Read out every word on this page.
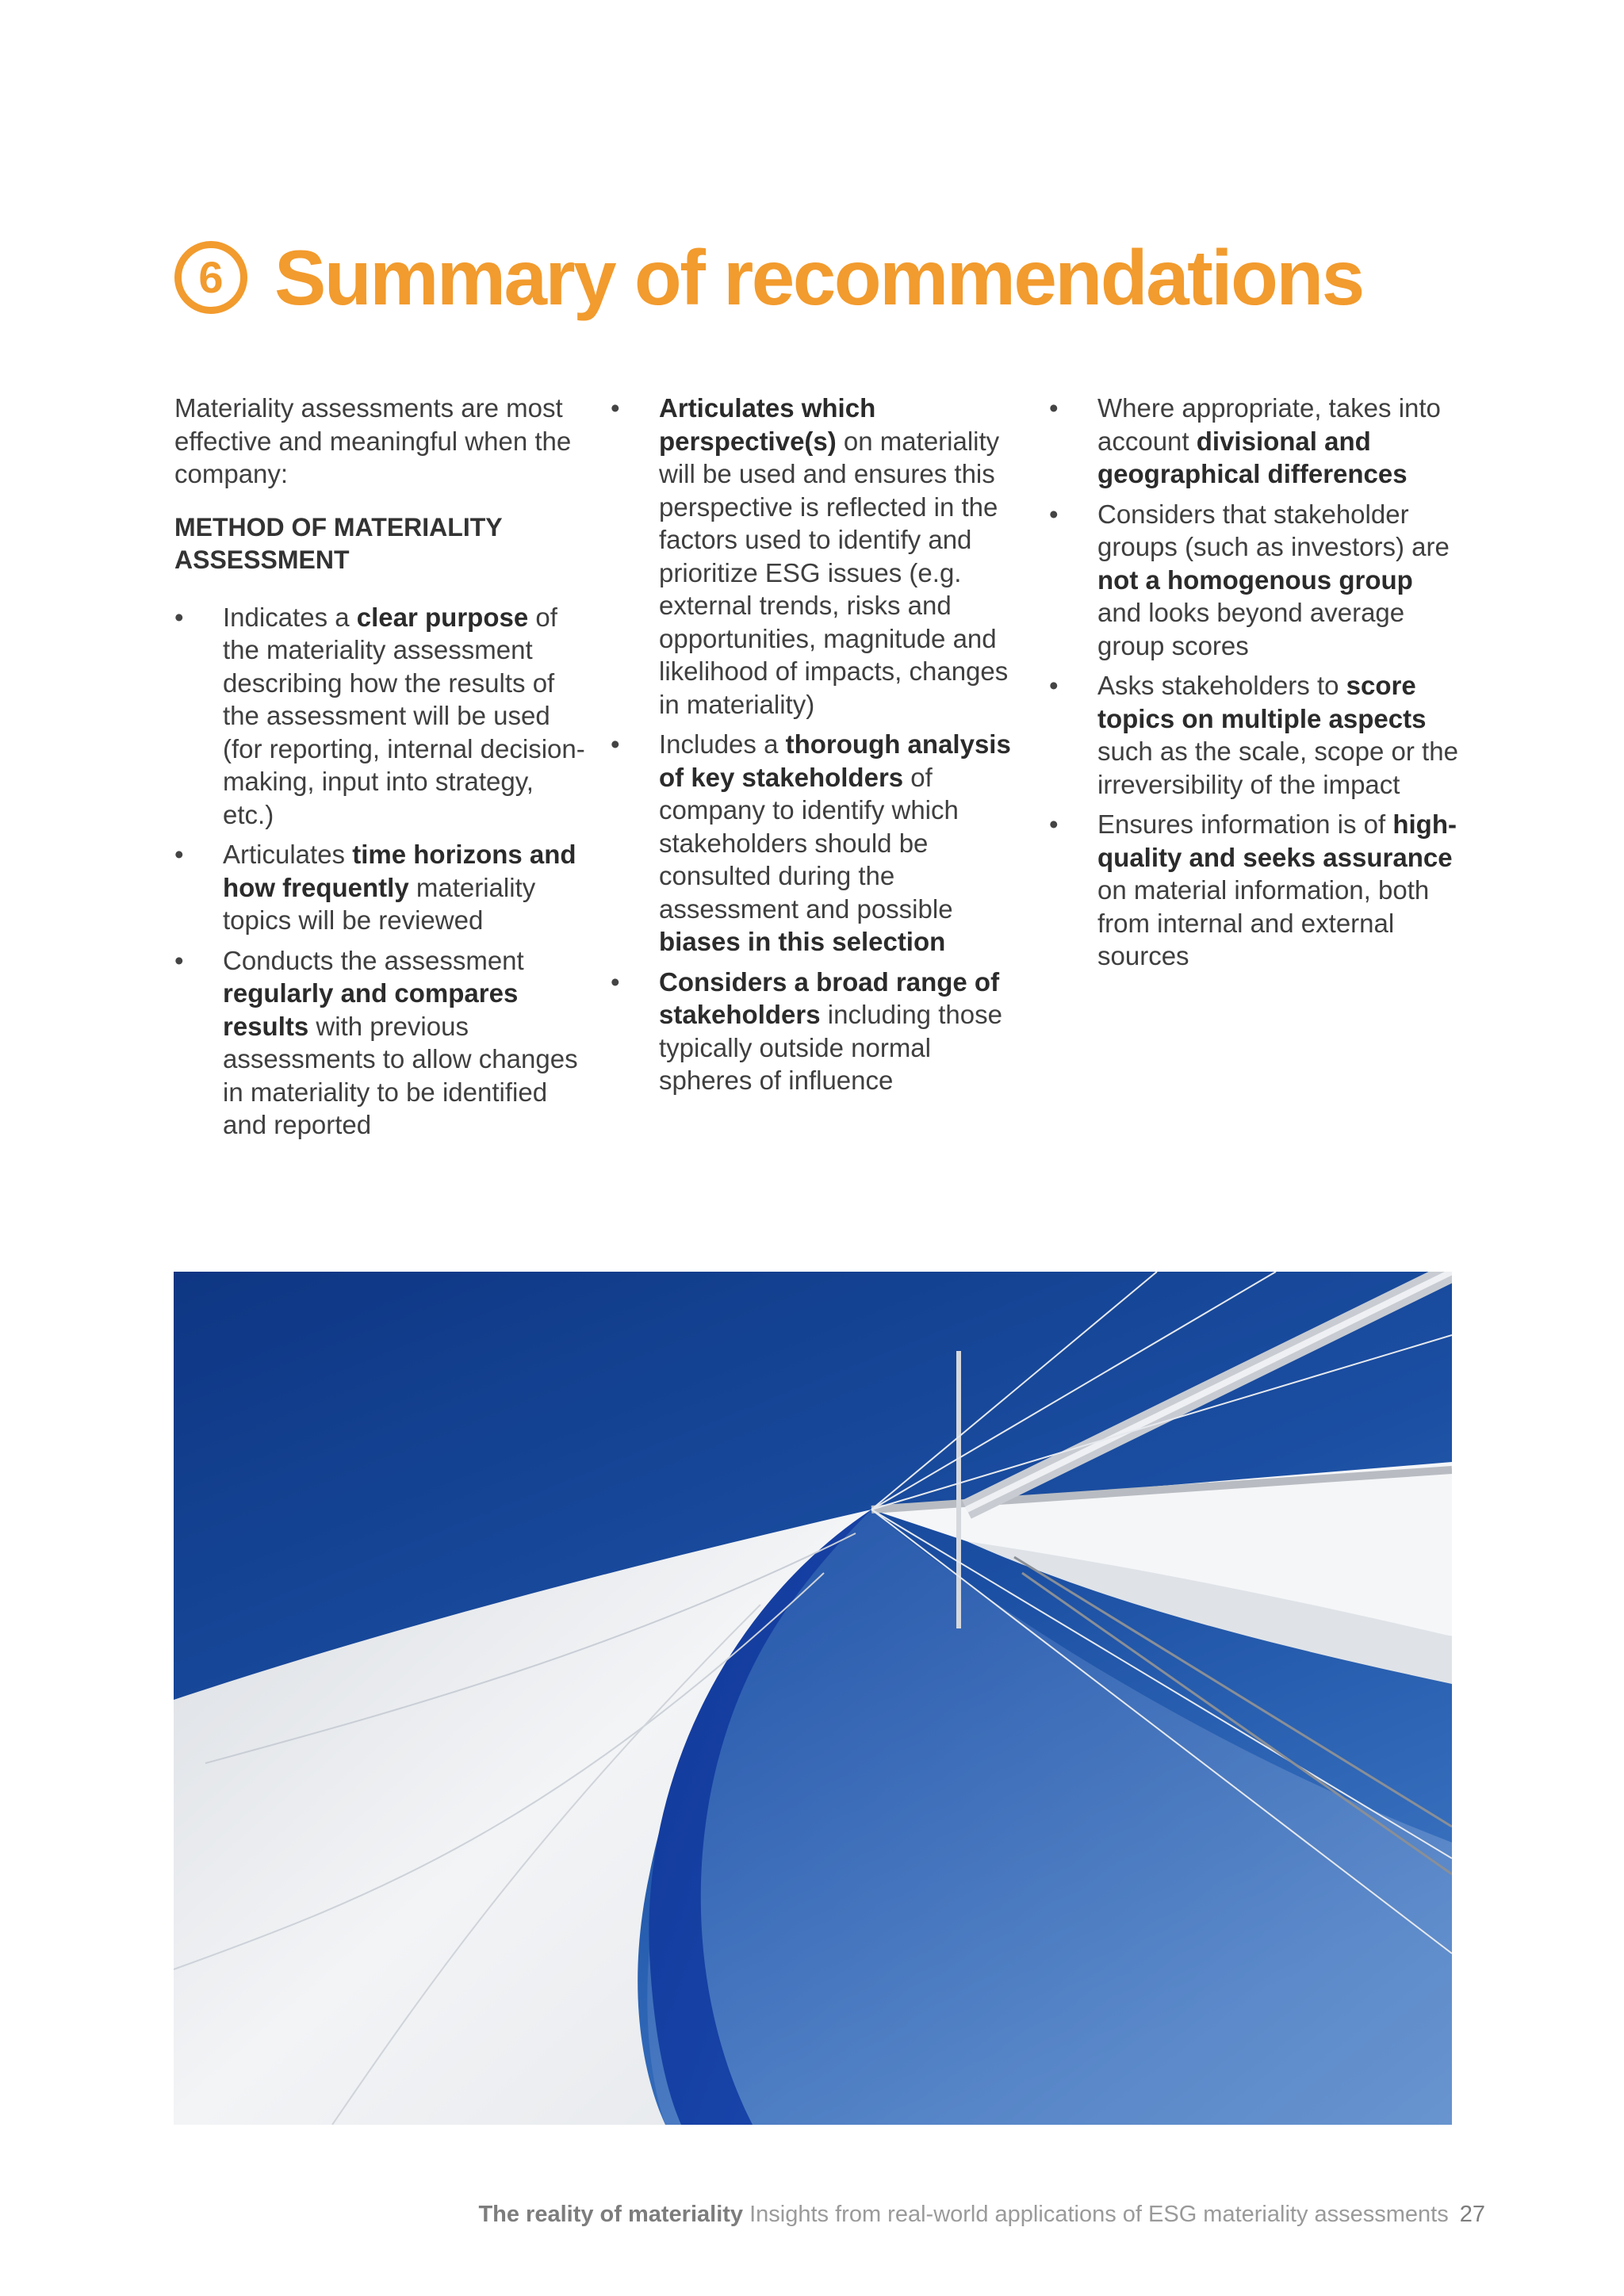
6 Summary of recommendations

Materiality assessments are most effective and meaningful when the company:

METHOD OF MATERIALITY ASSESSMENT

• Indicates a clear purpose of the materiality assessment describing how the results of the assessment will be used (for reporting, internal decision-making, input into strategy, etc.)
• Articulates time horizons and how frequently materiality topics will be reviewed
• Conducts the assessment regularly and compares results with previous assessments to allow changes in materiality to be identified and reported
• Articulates which perspective(s) on materiality will be used and ensures this perspective is reflected in the factors used to identify and prioritize ESG issues (e.g. external trends, risks and opportunities, magnitude and likelihood of impacts, changes in materiality)
• Includes a thorough analysis of key stakeholders of company to identify which stakeholders should be consulted during the assessment and possible biases in this selection
• Considers a broad range of stakeholders including those typically outside normal spheres of influence
• Where appropriate, takes into account divisional and geographical differences
• Considers that stakeholder groups (such as investors) are not a homogenous group and looks beyond average group scores
• Asks stakeholders to score topics on multiple aspects such as the scale, scope or the irreversibility of the impact
• Ensures information is of high-quality and seeks assurance on material information, both from internal and external sources
The reality of materiality Insights from real-world applications of ESG materiality assessments 27
